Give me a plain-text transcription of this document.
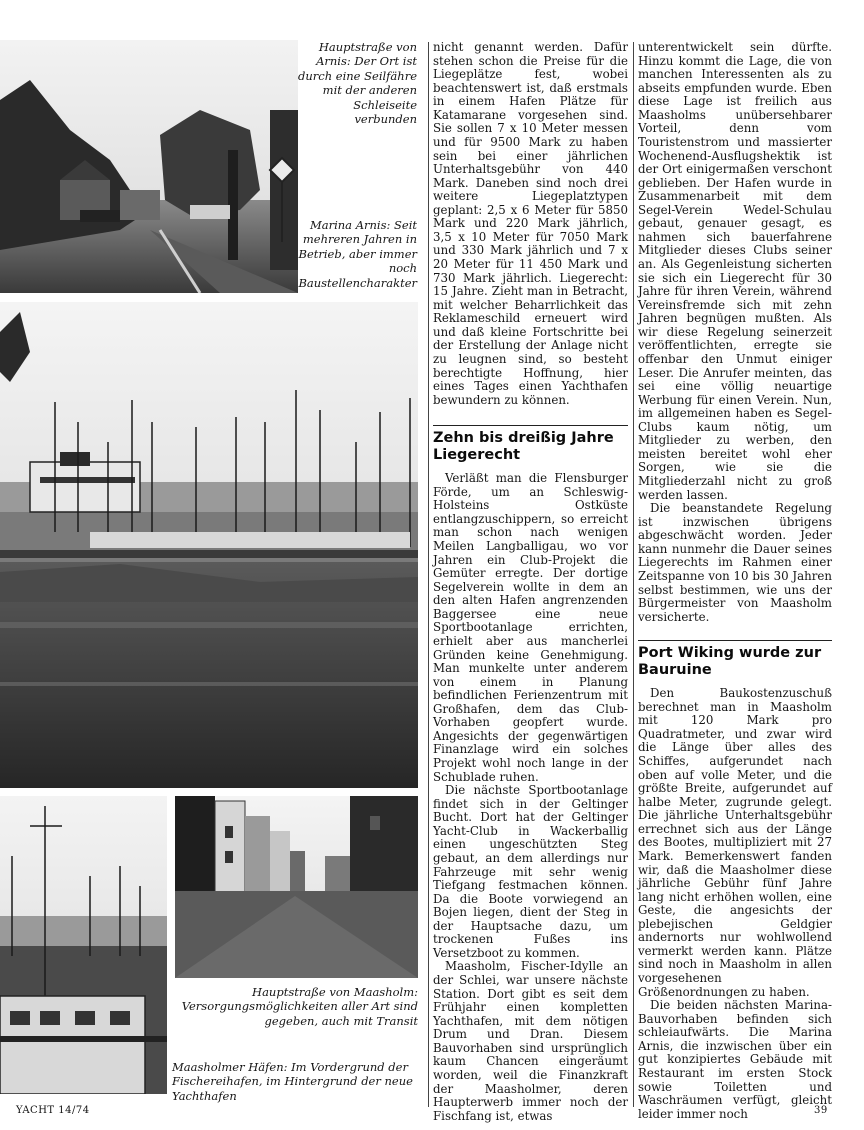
Hauptstraße von Arnis: Der Ort ist durch eine Seilfähre mit der anderen Schleiseite verbunden
Marina Arnis: Seit mehreren Jahren in Betrieb, aber immer noch Baustellencharakter
Hauptstraße von Maasholm: Versorgungsmöglichkeiten aller Art sind gegeben, auch mit Transit
Maasholmer Häfen: Im Vordergrund der Fischereihafen, im Hintergrund der neue Yachthafen

nicht genannt werden. Dafür stehen schon die Preise für die Liegeplätze fest, wobei beachtenswert ist, daß erstmals in einem Hafen Plätze für Katamarane vorgesehen sind. Sie sollen 7 x 10 Meter messen und für 9500 Mark zu haben sein bei einer jährlichen Unterhaltsgebühr von 440 Mark. Daneben sind noch drei weitere Liegeplatztypen geplant: 2,5 x 6 Meter für 5850 Mark und 220 Mark jährlich, 3,5 x 10 Meter für 7050 Mark und 330 Mark jährlich und 7 x 20 Meter für 11 450 Mark und 730 Mark jährlich. Liegerecht: 15 Jahre. Zieht man in Betracht, mit welcher Beharrlichkeit das Reklameschild erneuert wird und daß kleine Fortschritte bei der Erstellung der Anlage nicht zu leugnen sind, so besteht berechtigte Hoffnung, hier eines Tages einen Yachthafen bewundern zu können.

Zehn bis dreißig Jahre Liegerecht

Verläßt man die Flensburger Förde, um an Schleswig-Holsteins Ostküste entlangzuschippern, so erreicht man schon nach wenigen Meilen Langballigau, wo vor Jahren ein Club-Projekt die Gemüter erregte. Der dortige Segelverein wollte in dem an den alten Hafen angrenzenden Baggersee eine neue Sportbootanlage errichten, erhielt aber aus mancherlei Gründen keine Genehmigung. Man munkelte unter anderem von einem in Planung befindlichen Ferienzentrum mit Großhafen, dem das Club-Vorhaben geopfert wurde. Angesichts der gegenwärtigen Finanzlage wird ein solches Projekt wohl noch lange in der Schublade ruhen.

Die nächste Sportbootanlage findet sich in der Geltinger Bucht. Dort hat der Geltinger Yacht-Club in Wackerballig einen ungeschützten Steg gebaut, an dem allerdings nur Fahrzeuge mit sehr wenig Tiefgang festmachen können. Da die Boote vorwiegend an Bojen liegen, dient der Steg in der Hauptsache dazu, um trockenen Fußes ins Versetzboot zu kommen.

Maasholm, Fischer-Idylle an der Schlei, war unsere nächste Station. Dort gibt es seit dem Frühjahr einen kompletten Yachthafen, mit dem nötigen Drum und Dran. Diesem Bauvorhaben sind ursprünglich kaum Chancen eingeräumt worden, weil die Finanzkraft der Maasholmer, deren Haupterwerb immer noch der Fischfang ist, etwas

unterentwickelt sein dürfte. Hinzu kommt die Lage, die von manchen Interessenten als zu abseits empfunden wurde. Eben diese Lage ist freilich aus Maasholms unübersehbarer Vorteil, denn vom Touristenstrom und massierter Wochenend-Ausflugshektik ist der Ort einigermaßen verschont geblieben. Der Hafen wurde in Zusammenarbeit mit dem Segel-Verein Wedel-Schulau gebaut, genauer gesagt, es nahmen sich bauerfahrene Mitglieder dieses Clubs seiner an. Als Gegenleistung sicherten sie sich ein Liegerecht für 30 Jahre für ihren Verein, während Vereinsfremde sich mit zehn Jahren begnügen mußten. Als wir diese Regelung seinerzeit veröffentlichten, erregte sie offenbar den Unmut einiger Leser. Die Anrufer meinten, das sei eine völlig neuartige Werbung für einen Verein. Nun, im allgemeinen haben es Segel-Clubs kaum nötig, um Mitglieder zu werben, den meisten bereitet wohl eher Sorgen, wie sie die Mitgliederzahl nicht zu groß werden lassen.

Die beanstandete Regelung ist inzwischen übrigens abgeschwächt worden. Jeder kann nunmehr die Dauer seines Liegerechts im Rahmen einer Zeitspanne von 10 bis 30 Jahren selbst bestimmen, wie uns der Bürgermeister von Maasholm versicherte.

Port Wiking wurde zur Bauruine

Den Baukostenzuschuß berechnet man in Maasholm mit 120 Mark pro Quadratmeter, und zwar wird die Länge über alles des Schiffes, aufgerundet nach oben auf volle Meter, und die größte Breite, aufgerundet auf halbe Meter, zugrunde gelegt. Die jährliche Unterhaltsgebühr errechnet sich aus der Länge des Bootes, multipliziert mit 27 Mark. Bemerkenswert fanden wir, daß die Maasholmer diese jährliche Gebühr fünf Jahre lang nicht erhöhen wollen, eine Geste, die angesichts der plebejischen Geldgier andernorts nur wohlwollend vermerkt werden kann. Plätze sind noch in Maasholm in allen vorgesehenen Größenordnungen zu haben.

Die beiden nächsten Marina-Bauvorhaben befinden sich schleiaufwärts. Die Marina Arnis, die inzwischen über ein gut konzipiertes Gebäude mit Restaurant im ersten Stock sowie Toiletten und Waschräumen verfügt, gleicht leider immer noch

YACHT 14/74	39
